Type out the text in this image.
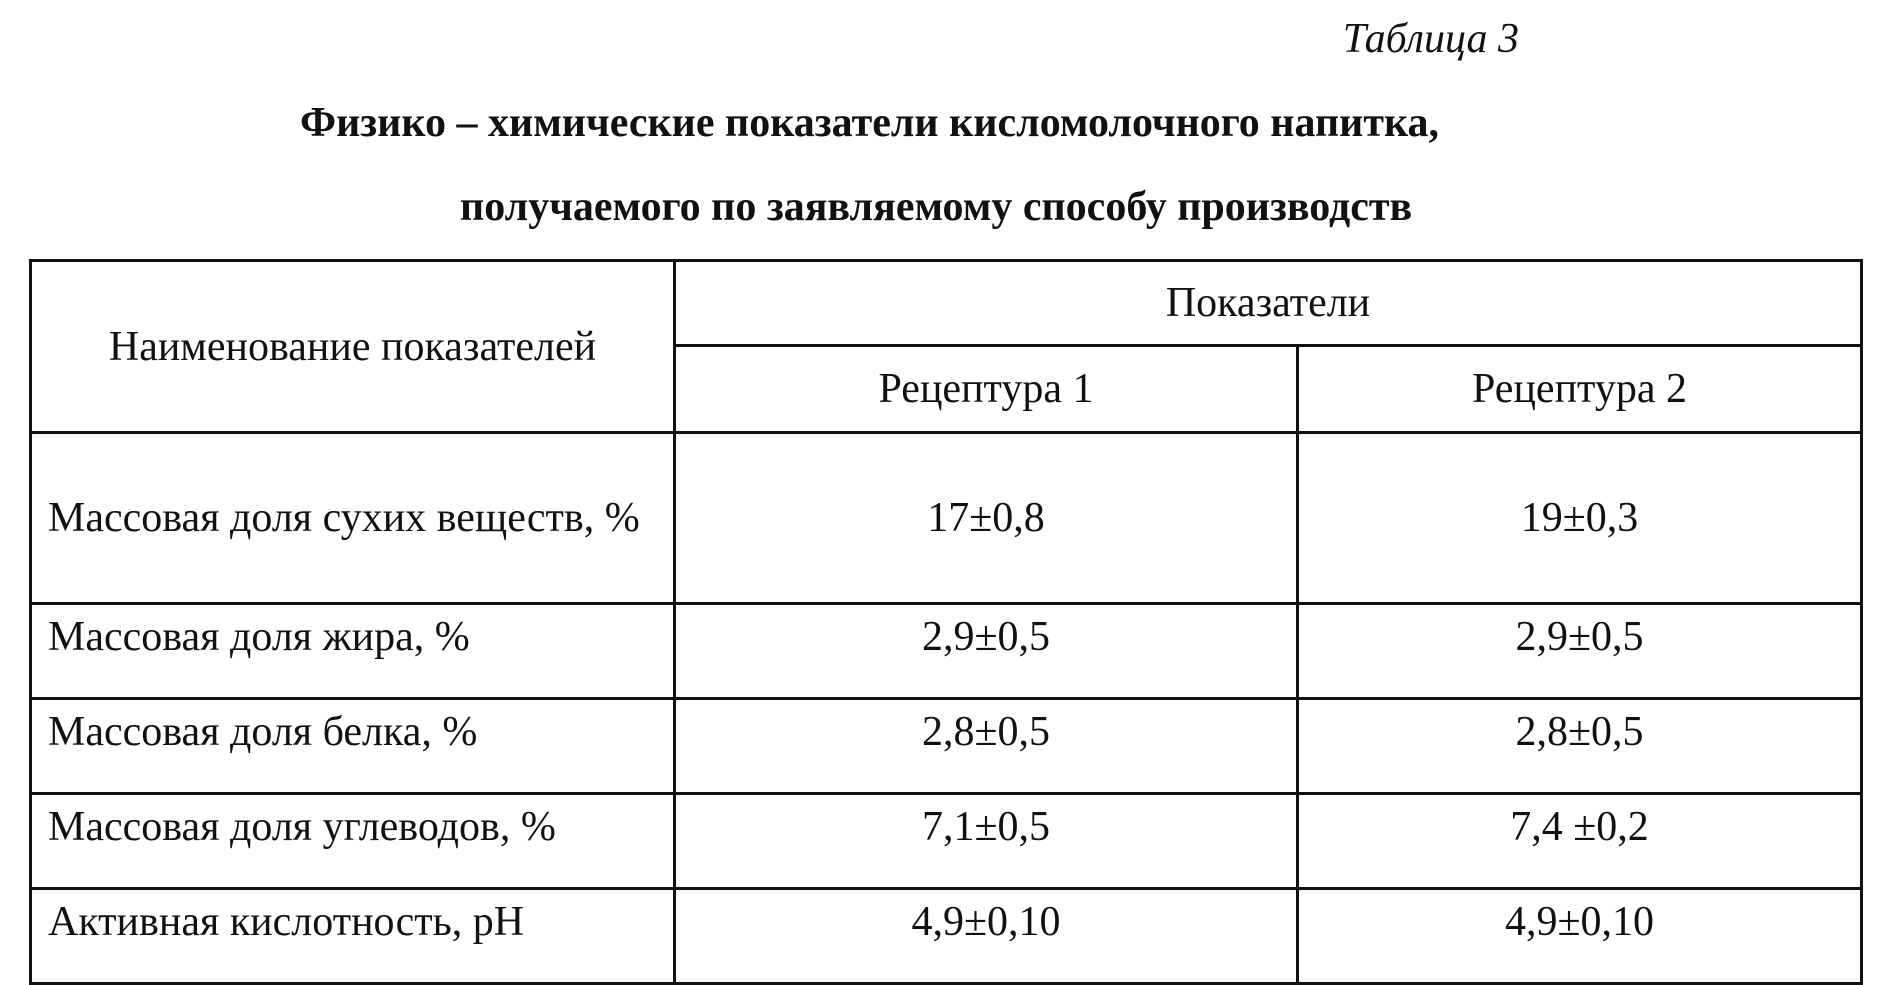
Таблица 3
Физико – химические показатели кисломолочного напитка,
получаемого по заявляемому способу производств
Наименование показателей	Показатели	
	Рецептура 1	Рецептура 2
Массовая доля сухих веществ, %	17±0,8	19±0,3
Массовая доля жира, %	2,9±0,5	2,9±0,5
Массовая доля белка, %	2,8±0,5	2,8±0,5
Массовая доля углеводов, %	7,1±0,5	7,4 ±0,2
Активная кислотность, pH	4,9±0,10	4,9±0,10
